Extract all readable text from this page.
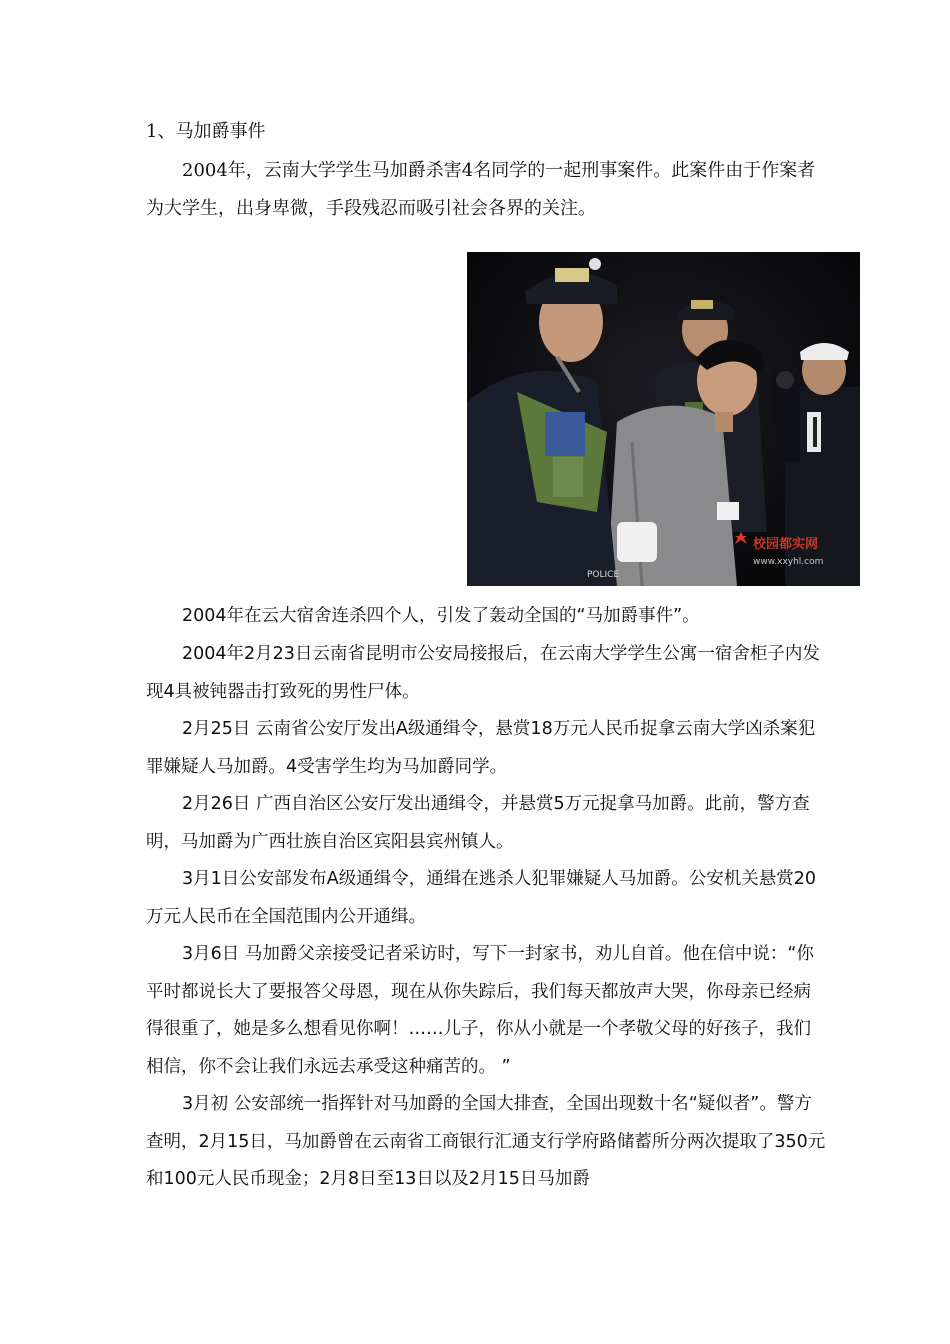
1、马加爵事件

2004年，云南大学学生马加爵杀害4名同学的一起刑事案件。此案件由于作案者为大学生，出身卑微，手段残忍而吸引社会各界的关注。

POLICE
校园都实网
www.xxyhl.com

2004年在云大宿舍连杀四个人，引发了轰动全国的“马加爵事件”。

2004年2月23日云南省昆明市公安局接报后，在云南大学学生公寓一宿舍柜子内发现4具被钝器击打致死的男性尸体。

2月25日 云南省公安厅发出A级通缉令，悬赏18万元人民币捉拿云南大学凶杀案犯罪嫌疑人马加爵。4受害学生均为马加爵同学。

2月26日 广西自治区公安厅发出通缉令，并悬赏5万元捉拿马加爵。此前，警方查明，马加爵为广西壮族自治区宾阳县宾州镇人。

3月1日公安部发布A级通缉令，通缉在逃杀人犯罪嫌疑人马加爵。公安机关悬赏20万元人民币在全国范围内公开通缉。

3月6日 马加爵父亲接受记者采访时，写下一封家书，劝儿自首。他在信中说：“你平时都说长大了要报答父母恩，现在从你失踪后，我们每天都放声大哭，你母亲已经病得很重了，她是多么想看见你啊！……儿子，你从小就是一个孝敬父母的好孩子，我们相信，你不会让我们永远去承受这种痛苦的。 ”

3月初 公安部统一指挥针对马加爵的全国大排查，全国出现数十名“疑似者”。警方查明，2月15日，马加爵曾在云南省工商银行汇通支行学府路储蓄所分两次提取了350元和100元人民币现金；2月8日至13日以及2月15日马加爵
